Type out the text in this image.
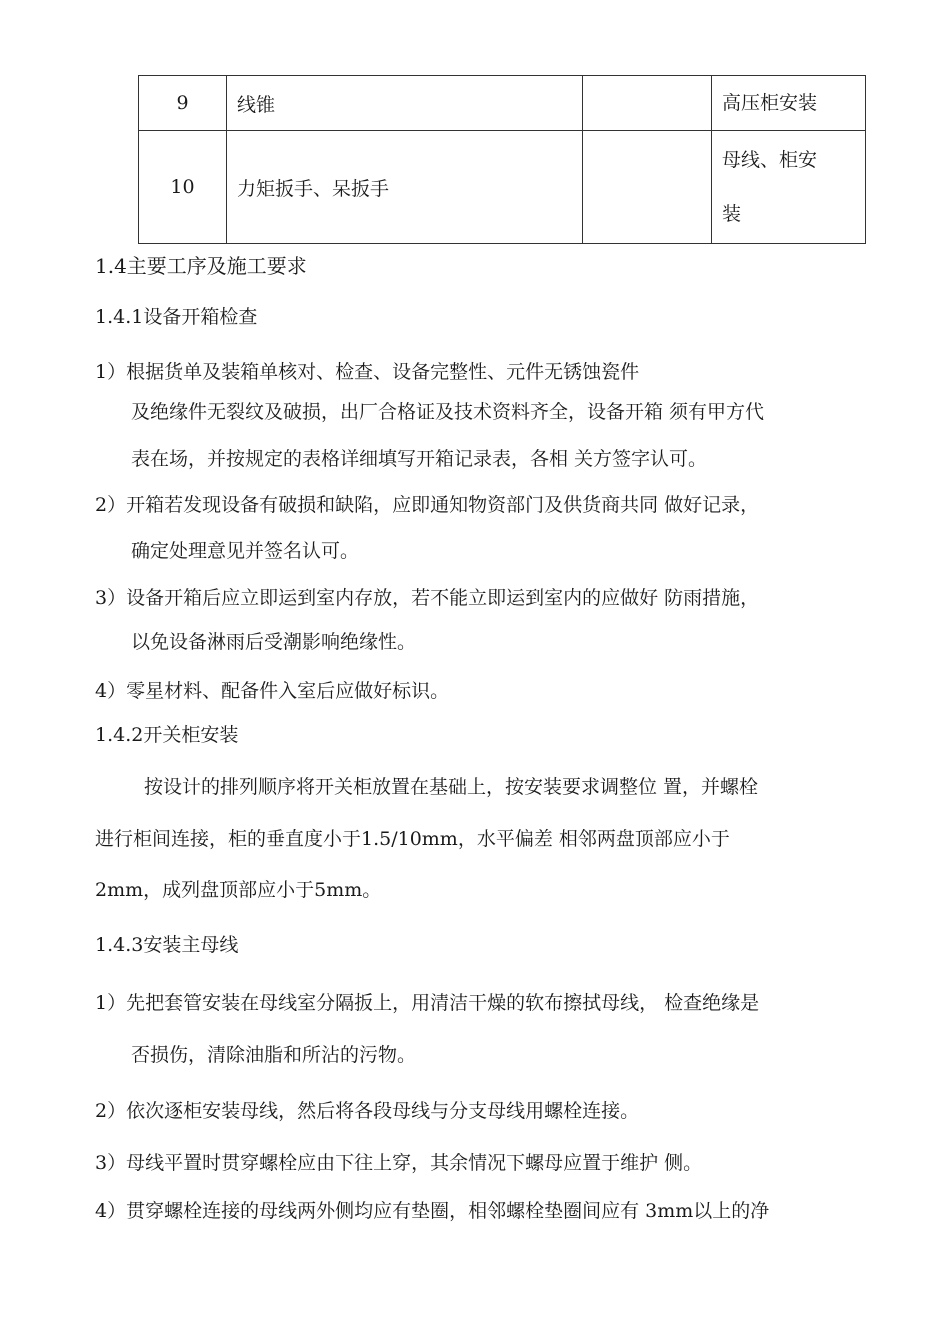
9	线锥		高压柜安装
10	力矩扳手、呆扳手		母线、柜安
装
1.4主要工序及施工要求
1.4.1设备开箱检查
1）根据货单及装箱单核对、检查、设备完整性、元件无锈蚀瓷件
及绝缘件无裂纹及破损，出厂合格证及技术资料齐全，设备开箱 须有甲方代
表在场，并按规定的表格详细填写开箱记录表，各相 关方签字认可。
2）开箱若发现设备有破损和缺陷，应即通知物资部门及供货商共同 做好记录，
确定处理意见并签名认可。
3）设备开箱后应立即运到室内存放，若不能立即运到室内的应做好 防雨措施，
以免设备淋雨后受潮影响绝缘性。
4）零星材料、配备件入室后应做好标识。
1.4.2开关柜安装
按设计的排列顺序将开关柜放置在基础上，按安装要求调整位 置，并螺栓
进行柜间连接，柜的垂直度小于1.5/10mm，水平偏差 相邻两盘顶部应小于
2mm，成列盘顶部应小于5mm。
1.4.3安装主母线
1）先把套管安装在母线室分隔扳上，用清洁干燥的软布擦拭母线， 检查绝缘是
否损伤，清除油脂和所沾的污物。
2）依次逐柜安装母线，然后将各段母线与分支母线用螺栓连接。
3）母线平置时贯穿螺栓应由下往上穿，其余情况下螺母应置于维护 侧。
4）贯穿螺栓连接的母线两外侧均应有垫圈，相邻螺栓垫圈间应有 3mm以上的净
